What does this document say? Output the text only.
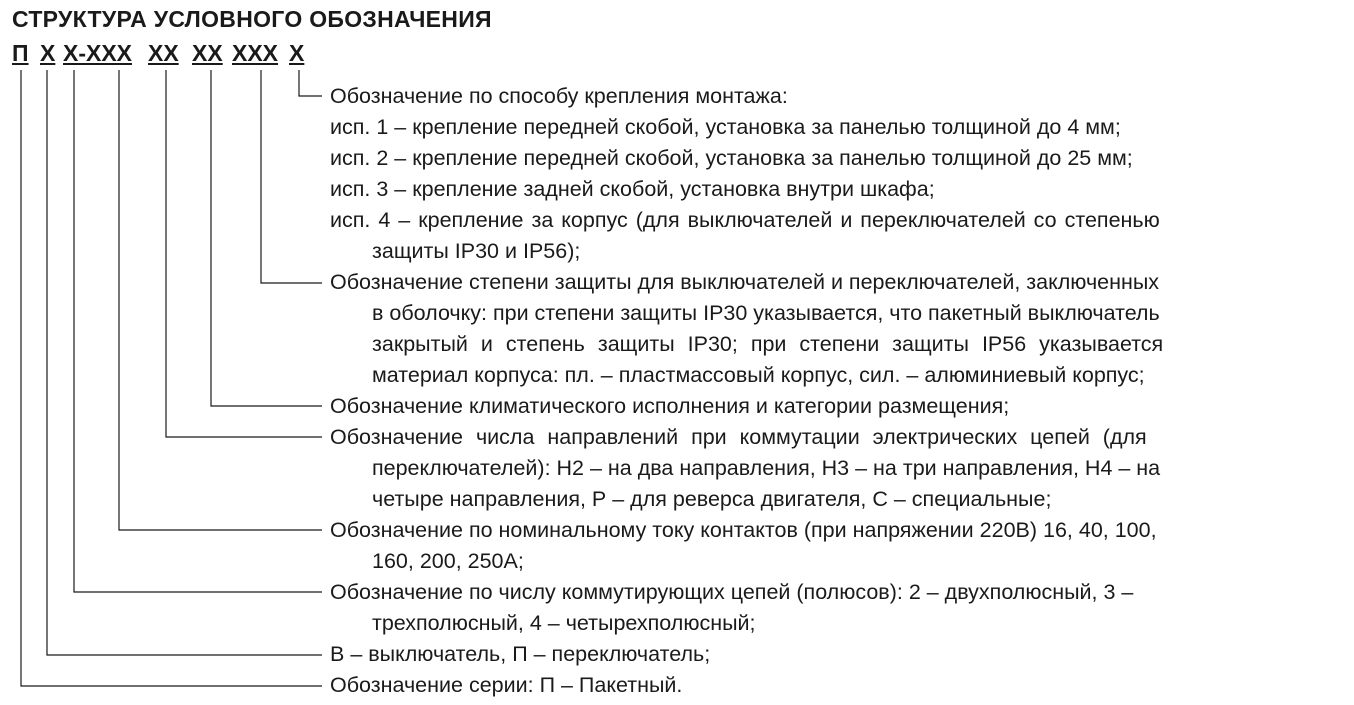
СТРУКТУРА УСЛОВНОГО ОБОЗНАЧЕНИЯ
П Х Х-ХХХ ХХ ХХ ХХХ Х
Обозначение по способу крепления монтажа:
исп. 1 – крепление передней скобой, установка за панелью толщиной до 4 мм;
исп. 2 – крепление передней скобой, установка за панелью толщиной до 25 мм;
исп. 3 – крепление задней скобой, установка внутри шкафа;
исп. 4 – крепление за корпус (для выключателей и переключателей со степенью
защиты IP30 и IP56);
Обозначение степени защиты для выключателей и переключателей, заключенных
в оболочку: при степени защиты IP30 указывается, что пакетный выключатель
закрытый и степень защиты IP30; при степени защиты IP56 указывается
материал корпуса: пл. – пластмассовый корпус, сил. – алюминиевый корпус;
Обозначение климатического исполнения и категории размещения;
Обозначение числа направлений при коммутации электрических цепей (для
переключателей): Н2 – на два направления, Н3 – на три направления, Н4 – на
четыре направления, Р – для реверса двигателя, С – специальные;
Обозначение по номинальному току контактов (при напряжении 220В) 16, 40, 100,
160, 200, 250А;
Обозначение по числу коммутирующих цепей (полюсов): 2 – двухполюсный, 3 –
трехполюсный, 4 – четырехполюсный;
В – выключатель, П – переключатель;
Обозначение серии: П – Пакетный.
